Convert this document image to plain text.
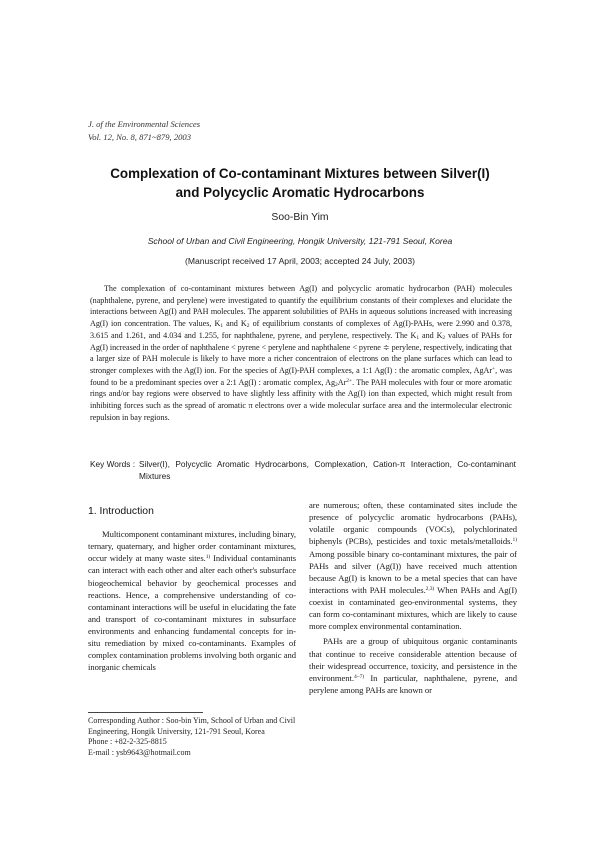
J. of the Environmental Sciences
Vol. 12, No. 8, 871~879, 2003
Complexation of Co-contaminant Mixtures between Silver(I)
and Polycyclic Aromatic Hydrocarbons
Soo-Bin Yim
School of Urban and Civil Engineering, Hongik University, 121-791 Seoul, Korea
(Manuscript received 17 April, 2003; accepted 24 July, 2003)

The complexation of co-contaminant mixtures between Ag(I) and polycyclic aromatic hydrocarbon (PAH) molecules (naphthalene, pyrene, and perylene) were investigated to quantify the equilibrium constants of their complexes and elucidate the interactions between Ag(I) and PAH molecules. The apparent solubilities of PAHs in aqueous solutions increased with increasing Ag(I) ion concentration. The values, $K_1$ and $K_2$ of equilibrium constants of complexes of Ag(I)-PAHs, were 2.990 and 0.378, 3.615 and 1.261, and 4.034 and 1.255, for naphthalene, pyrene, and perylene, respectively. The $K_1$ and $K_2$ values of PAHs for Ag(I) increased in the order of naphthalene < pyrene < perylene and naphthalene < pyrene ≑ perylene, respectively, indicating that a larger size of PAH molecule is likely to have more a richer concentraion of electrons on the plane surfaces which can lead to stronger complexes with the Ag(I) ion. For the species of Ag(I)-PAH complexes, a 1:1 Ag(I) : the aromatic complex, AgAr+, was found to be a predominant species over a 2:1 Ag(I) : aromatic complex, $Ag_2Ar^{2+}$. The PAH molecules with four or more aromatic rings and/or bay regions were observed to have slightly less affinity with the Ag(I) ion than expected, which might result from inhibiting forces such as the spread of aromatic π electrons over a wide molecular surface area and the intermolecular electronic repulsion in bay regions.

Key Words : Silver(I), Polycyclic Aromatic Hydrocarbons, Complexation, Cation-π Interaction, Co-contaminant Mixtures
1. Introduction

Multicomponent contaminant mixtures, including binary, ternary, quaternary, and higher order contaminant mixtures, occur widely at many waste sites.$^{1)}$ Individual contaminants can interact with each other and alter each other's subsurface biogeochemical behavior by geochemical processes and reactions. Hence, a comprehensive understanding of co-contaminant interactions will be useful in elucidating the fate and transport of co-contaminant mixtures in subsurface environments and enhancing fundamental concepts for in-situ remediation by mixed co-contaminants. Examples of complex contamination problems involving both organic and inorganic chemicals

are numerous; often, these contaminated sites include the presence of polycyclic aromatic hydrocarbons (PAHs), volatile organic compounds (VOCs), polychlorinated biphenyls (PCBs), pesticides and toxic metals/metalloids.$^{1)}$ Among possible binary co-contaminant mixtures, the pair of PAHs and silver (Ag(I)) have received much attention because Ag(I) is known to be a metal species that can have interactions with PAH molecules.$^{2,3)}$ When PAHs and Ag(I) coexist in contaminated geo-environmental systems, they can form co-contaminant mixtures, which are likely to cause more complex environmental contamination.

PAHs are a group of ubiquitous organic contaminants that continue to receive considerable attention because of their widespread occurrence, toxicity, and persistence in the environment.$^{4\sim 7)}$ In particular, naphthalene, pyrene, and perylene among PAHs are known or

Corresponding Author : Soo-bin Yim, School of Urban and Civil Engineering, Hongik University, 121-791 Seoul, Korea
Phone : +82-2-325-8815
E-mail : ysb9643@hotmail.com
